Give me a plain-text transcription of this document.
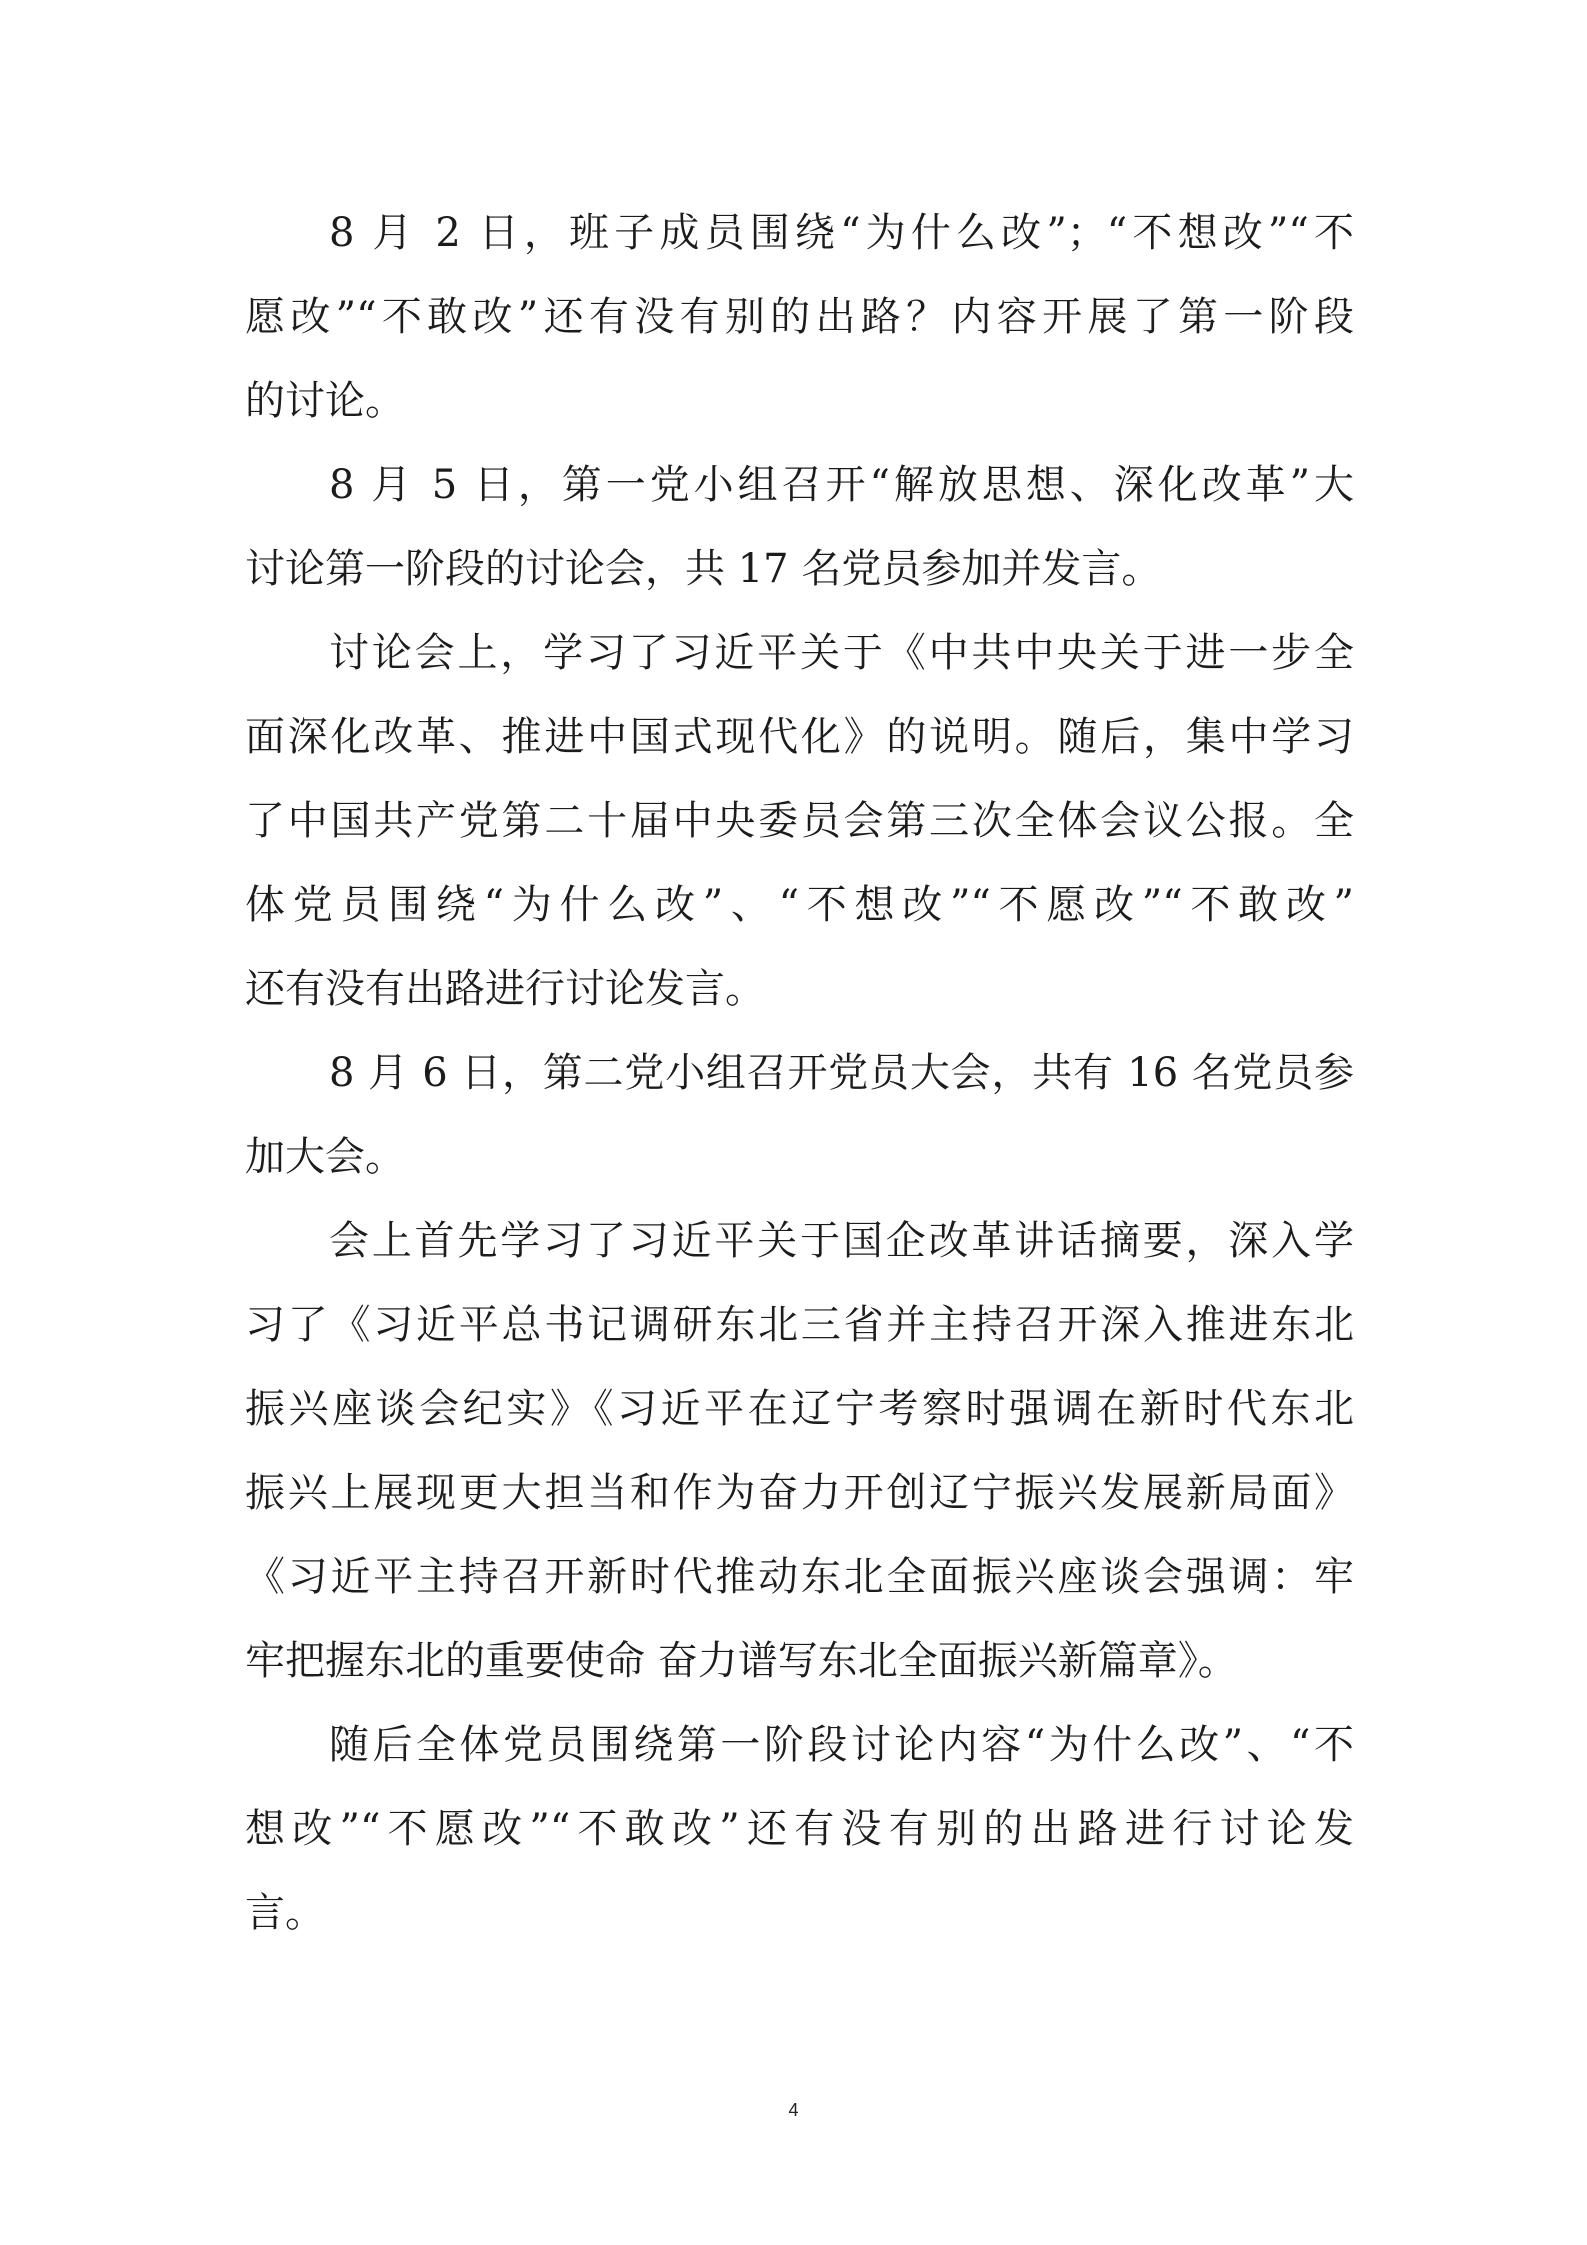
8 月 2 日，班子成员围绕“为什么改”；“不想改”“不
愿改”“不敢改”还有没有别的出路？内容开展了第一阶段
的讨论。
8 月 5 日，第一党小组召开“解放思想、深化改革”大
讨论第一阶段的讨论会，共 17 名党员参加并发言。
讨论会上，学习了习近平关于《中共中央关于进一步全
面深化改革、推进中国式现代化》的说明。随后，集中学习
了中国共产党第二十届中央委员会第三次全体会议公报。全
体党员围绕“为什么改”、“不想改”“不愿改”“不敢改”
还有没有出路进行讨论发言。
8 月 6 日，第二党小组召开党员大会，共有 16 名党员参
加大会。
会上首先学习了习近平关于国企改革讲话摘要，深入学
习了《习近平总书记调研东北三省并主持召开深入推进东北
振兴座谈会纪实》《习近平在辽宁考察时强调在新时代东北
振兴上展现更大担当和作为奋力开创辽宁振兴发展新局面》
《习近平主持召开新时代推动东北全面振兴座谈会强调：牢
牢把握东北的重要使命 奋力谱写东北全面振兴新篇章》。
随后全体党员围绕第一阶段讨论内容“为什么改”、“不
想改”“不愿改”“不敢改”还有没有别的出路进行讨论发
言。
4
